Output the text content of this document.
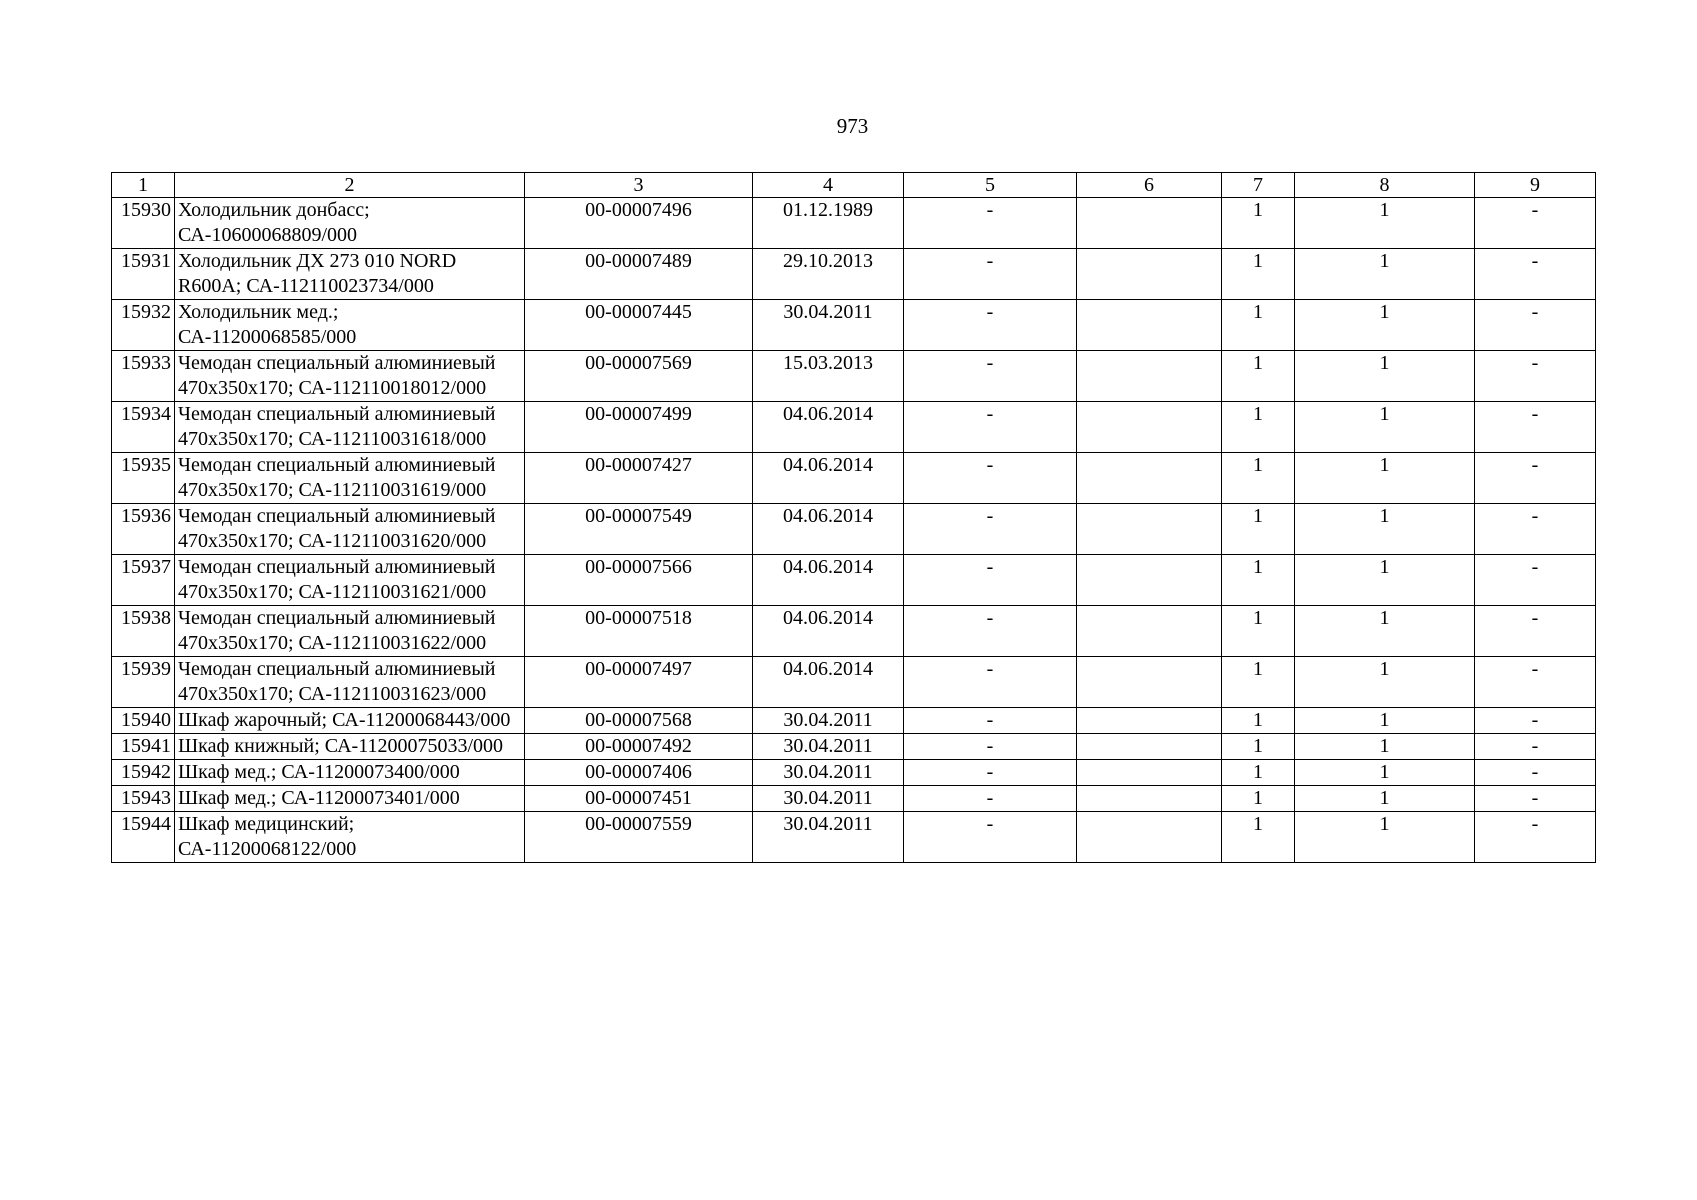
973
1	2	3	4	5	6	7	8	9
15930	Холодильник донбасс; СА-10600068809/000	00-00007496	01.12.1989	-		1	1	-
15931	Холодильник ДХ 273 010 NORD R600A; СА-112110023734/000	00-00007489	29.10.2013	-		1	1	-
15932	Холодильник мед.; СА-11200068585/000	00-00007445	30.04.2011	-		1	1	-
15933	Чемодан специальный алюминиевый 470х350х170; СА-112110018012/000	00-00007569	15.03.2013	-		1	1	-
15934	Чемодан специальный алюминиевый 470х350х170; СА-112110031618/000	00-00007499	04.06.2014	-		1	1	-
15935	Чемодан специальный алюминиевый 470х350х170; СА-112110031619/000	00-00007427	04.06.2014	-		1	1	-
15936	Чемодан специальный алюминиевый 470х350х170; СА-112110031620/000	00-00007549	04.06.2014	-		1	1	-
15937	Чемодан специальный алюминиевый 470х350х170; СА-112110031621/000	00-00007566	04.06.2014	-		1	1	-
15938	Чемодан специальный алюминиевый 470х350х170; СА-112110031622/000	00-00007518	04.06.2014	-		1	1	-
15939	Чемодан специальный алюминиевый 470х350х170; СА-112110031623/000	00-00007497	04.06.2014	-		1	1	-
15940	Шкаф жарочный; СА-11200068443/000	00-00007568	30.04.2011	-		1	1	-
15941	Шкаф книжный; СА-11200075033/000	00-00007492	30.04.2011	-		1	1	-
15942	Шкаф мед.; СА-11200073400/000	00-00007406	30.04.2011	-		1	1	-
15943	Шкаф мед.; СА-11200073401/000	00-00007451	30.04.2011	-		1	1	-
15944	Шкаф медицинский; СА-11200068122/000	00-00007559	30.04.2011	-		1	1	-
